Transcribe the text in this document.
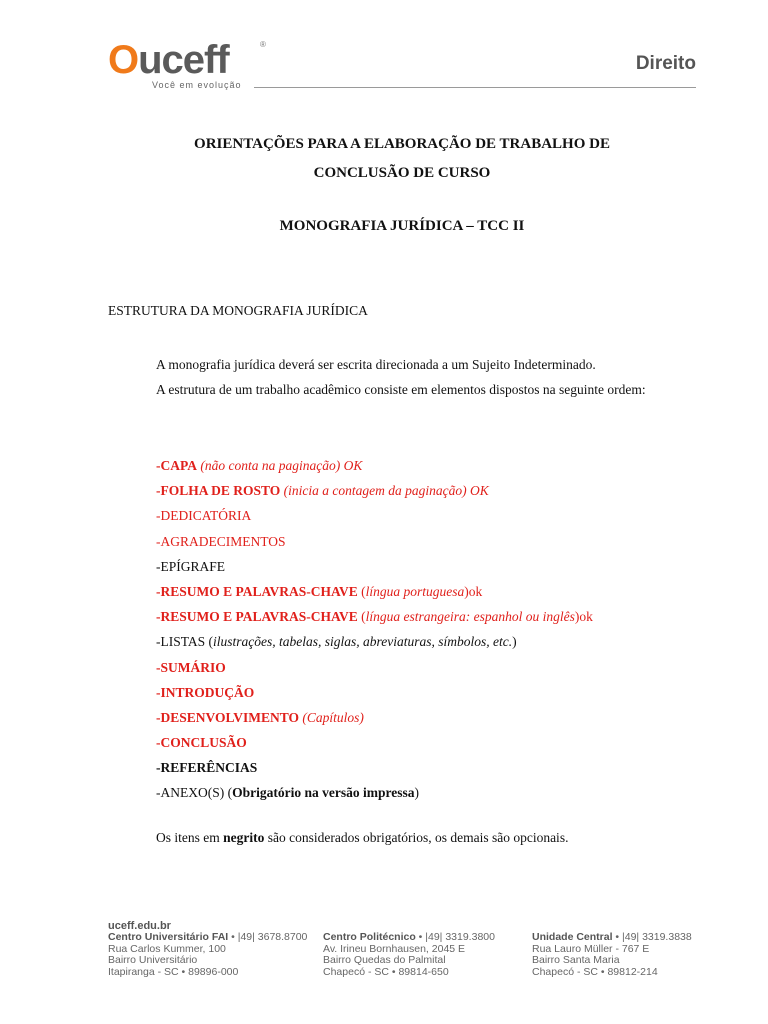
Ouceff	®
Você em evolução
Direito

ORIENTAÇÕES PARA A ELABORAÇÃO DE TRABALHO DE

CONCLUSÃO DE CURSO

MONOGRAFIA JURÍDICA – TCC II
ESTRUTURA DA MONOGRAFIA JURÍDICA
A monografia jurídica deverá ser escrita direcionada a um Sujeito Indeterminado.
A estrutura de um trabalho acadêmico consiste em elementos dispostos na seguinte ordem:
-CAPA (não conta na paginação) OK
-FOLHA DE ROSTO (inicia a contagem da paginação) OK
-DEDICATÓRIA
-AGRADECIMENTOS
-EPÍGRAFE
-RESUMO E PALAVRAS-CHAVE (língua portuguesa)ok
-RESUMO E PALAVRAS-CHAVE (língua estrangeira: espanhol ou inglês)ok
-LISTAS (ilustrações, tabelas, siglas, abreviaturas, símbolos, etc.)
-SUMÁRIO
-INTRODUÇÃO
-DESENVOLVIMENTO (Capítulos)
-CONCLUSÃO
-REFERÊNCIAS
-ANEXO(S) (Obrigatório na versão impressa)
Os itens em negrito são considerados obrigatórios, os demais são opcionais.
uceff.edu.br
Centro Universitário FAI • |49| 3678.8700
Rua Carlos Kummer, 100
Bairro Universitário
Itapiranga - SC • 89896-000
Centro Politécnico • |49| 3319.3800
Av. Irineu Bornhausen, 2045 E
Bairro Quedas do Palmital
Chapecó - SC • 89814-650
Unidade Central • |49| 3319.3838
Rua Lauro Müller - 767 E
Bairro Santa Maria
Chapecó - SC • 89812-214
